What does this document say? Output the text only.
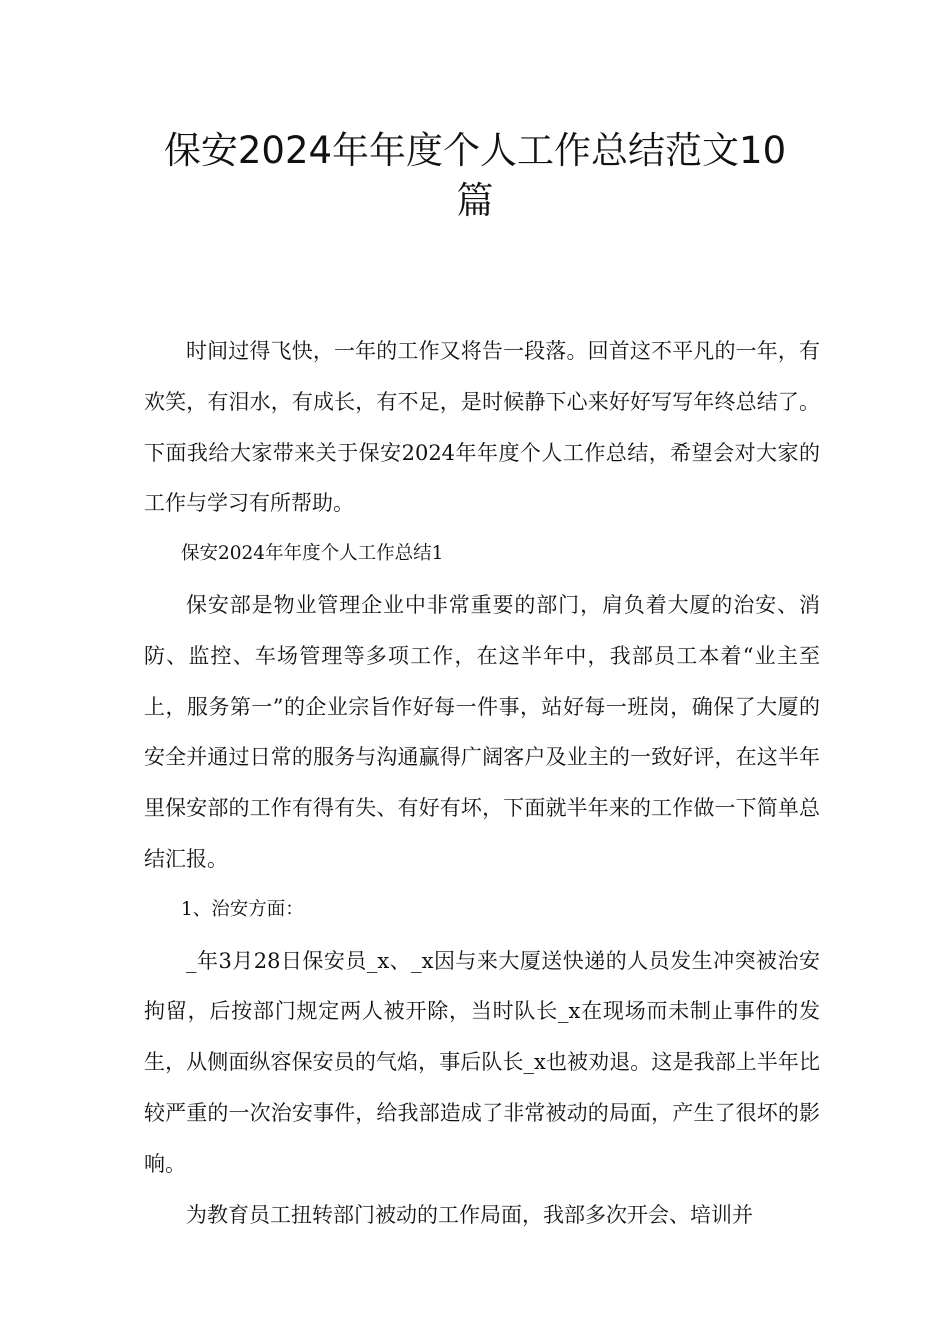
保安2024年年度个人工作总结范文10篇

时间过得飞快，一年的工作又将告一段落。回首这不平凡的一年，有欢笑，有泪水，有成长，有不足，是时候静下心来好好写写年终总结了。下面我给大家带来关于保安2024年年度个人工作总结，希望会对大家的工作与学习有所帮助。

保安2024年年度个人工作总结1

保安部是物业管理企业中非常重要的部门，肩负着大厦的治安、消防、监控、车场管理等多项工作，在这半年中，我部员工本着“业主至上，服务第一”的企业宗旨作好每一件事，站好每一班岗，确保了大厦的安全并通过日常的服务与沟通赢得广阔客户及业主的一致好评，在这半年里保安部的工作有得有失、有好有坏，下面就半年来的工作做一下简单总结汇报。

1、治安方面：

_年3月28日保安员_x、_x因与来大厦送快递的人员发生冲突被治安拘留，后按部门规定两人被开除，当时队长_x在现场而未制止事件的发生，从侧面纵容保安员的气焰，事后队长_x也被劝退。这是我部上半年比较严重的一次治安事件，给我部造成了非常被动的局面，产生了很坏的影响。

为教育员工扭转部门被动的工作局面，我部多次开会、培训并
